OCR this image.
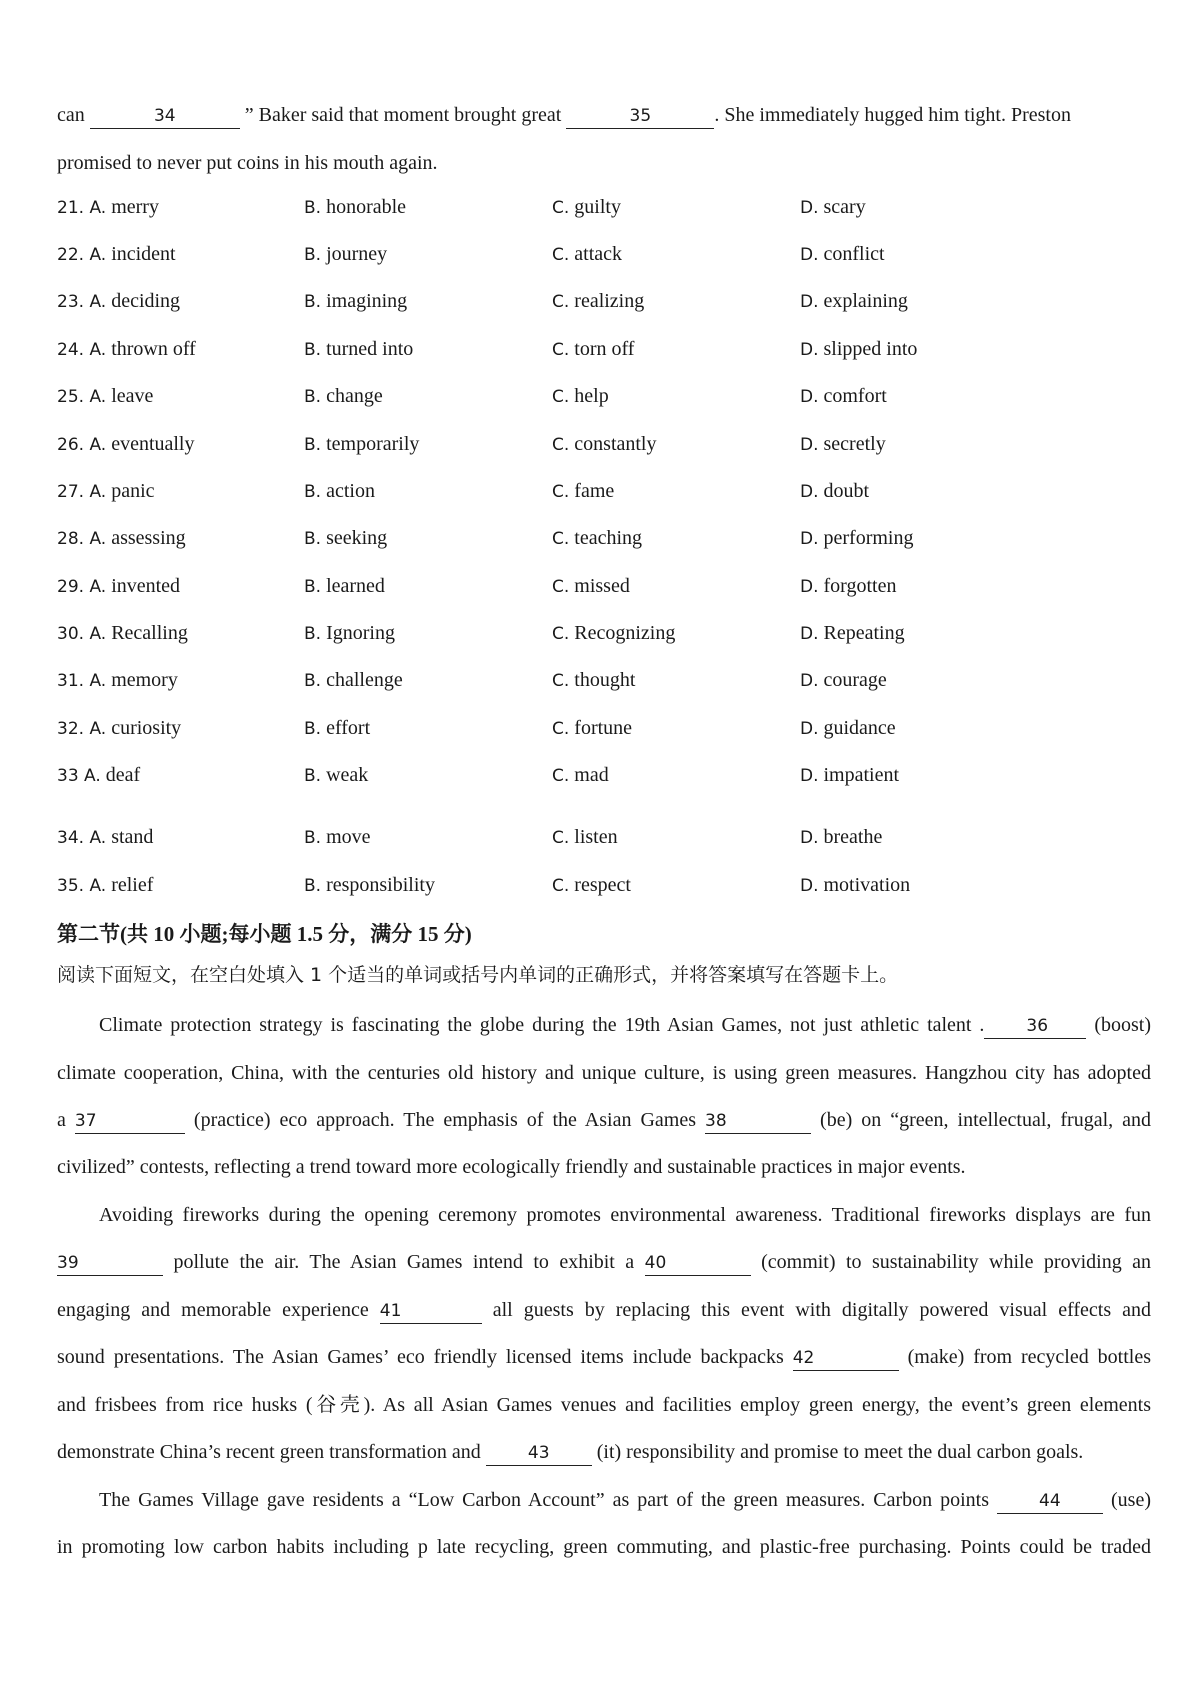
can	34	” Baker said that moment brought great	35	. She immediately hugged him tight. Preston
promised to never put coins in his mouth again.
21. A. merry	B. honorable	C. guilty	D. scary
22. A. incident	B. journey	C. attack	D. conflict
23. A. deciding	B. imagining	C. realizing	D. explaining
24. A. thrown off	B. turned into	C. torn off	D. slipped into
25. A. leave	B. change	C. help	D. comfort
26. A. eventually	B. temporarily	C. constantly	D. secretly
27. A. panic	B. action	C. fame	D. doubt
28. A. assessing	B. seeking	C. teaching	D. performing
29. A. invented	B. learned	C. missed	D. forgotten
30. A. Recalling	B. Ignoring	C. Recognizing	D. Repeating
31. A. memory	B. challenge	C. thought	D. courage
32. A. curiosity	B. effort	C. fortune	D. guidance
33 A. deaf	B. weak	C. mad	D. impatient
34. A. stand	B. move	C. listen	D. breathe
35. A. relief	B. responsibility	C. respect	D. motivation
第二节(共 10 小题;每小题 1.5 分，满分 15 分)
阅读下面短文，在空白处填入 1 个适当的单词或括号内单词的正确形式，并将答案填写在答题卡上。
Climate protection strategy is fascinating the globe during the 19th Asian Games, not just athletic talent . 36 (boost)
climate cooperation, China, with the centuries old history and unique culture, is using green measures. Hangzhou city has adopted
a 37	(practice) eco approach. The emphasis of the Asian Games 38	(be) on “green, intellectual, frugal, and
civilized” contests, reflecting a trend toward more ecologically friendly and sustainable practices in major events.
Avoiding fireworks during the opening ceremony promotes environmental awareness. Traditional fireworks displays are fun
39	pollute the air. The Asian Games intend to exhibit a 40	(commit) to sustainability while providing an
engaging and memorable experience 41	all guests by replacing this event with digitally powered visual effects and
sound presentations. The Asian Games’ eco friendly licensed items include backpacks 42	(make) from recycled bottles
and frisbees from rice husks (谷壳). As all Asian Games venues and facilities employ green energy, the event’s green elements
demonstrate China’s recent green transformation and	43 (it) responsibility and promise to meet the dual carbon goals.
The Games Village gave residents a “Low Carbon Account” as part of the green measures. Carbon points	44	(use)
in promoting low carbon habits including p late recycling, green commuting, and plastic-free purchasing. Points could be traded
